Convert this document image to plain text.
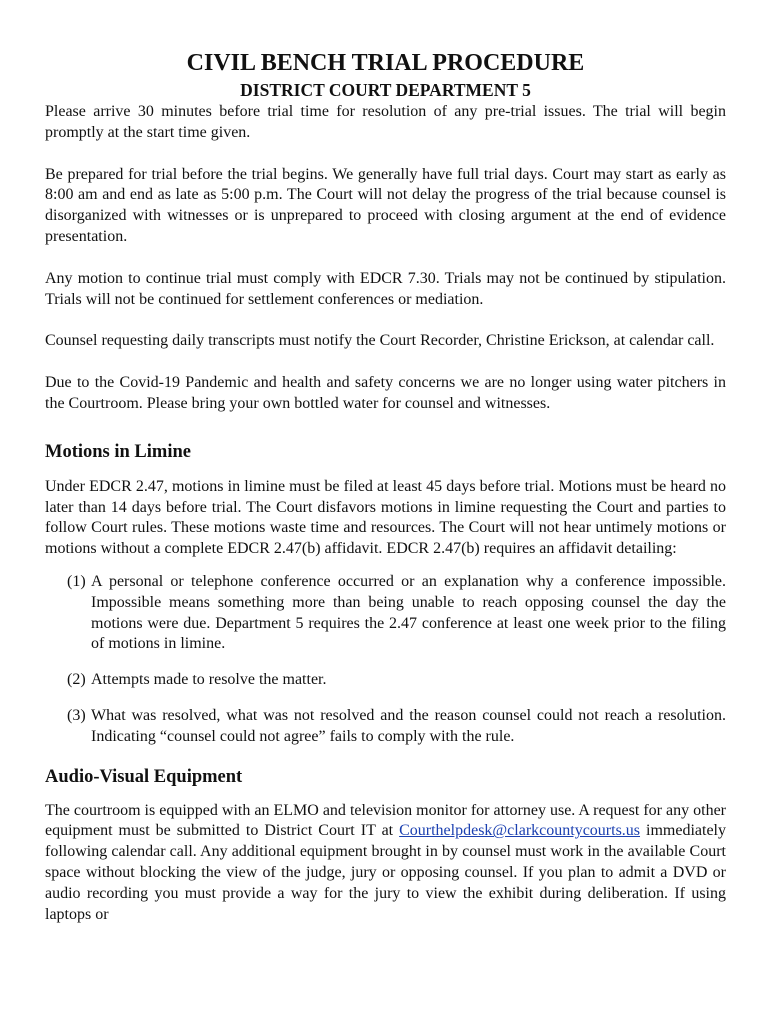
CIVIL BENCH TRIAL PROCEDURE
DISTRICT COURT DEPARTMENT 5

Please arrive 30 minutes before trial time for resolution of any pre-trial issues. The trial will begin promptly at the start time given.

Be prepared for trial before the trial begins. We generally have full trial days. Court may start as early as 8:00 am and end as late as 5:00 p.m. The Court will not delay the progress of the trial because counsel is disorganized with witnesses or is unprepared to proceed with closing argument at the end of evidence presentation.

Any motion to continue trial must comply with EDCR 7.30. Trials may not be continued by stipulation. Trials will not be continued for settlement conferences or mediation.

Counsel requesting daily transcripts must notify the Court Recorder, Christine Erickson, at calendar call.

Due to the Covid-19 Pandemic and health and safety concerns we are no longer using water pitchers in the Courtroom. Please bring your own bottled water for counsel and witnesses.

Motions in Limine

Under EDCR 2.47, motions in limine must be filed at least 45 days before trial. Motions must be heard no later than 14 days before trial. The Court disfavors motions in limine requesting the Court and parties to follow Court rules. These motions waste time and resources. The Court will not hear untimely motions or motions without a complete EDCR 2.47(b) affidavit. EDCR 2.47(b) requires an affidavit detailing:

(1) A personal or telephone conference occurred or an explanation why a conference impossible. Impossible means something more than being unable to reach opposing counsel the day the motions were due. Department 5 requires the 2.47 conference at least one week prior to the filing of motions in limine.
(2) Attempts made to resolve the matter.
(3) What was resolved, what was not resolved and the reason counsel could not reach a resolution. Indicating “counsel could not agree” fails to comply with the rule.
Audio-Visual Equipment

The courtroom is equipped with an ELMO and television monitor for attorney use. A request for any other equipment must be submitted to District Court IT at Courthelpdesk@clarkcountycourts.us immediately following calendar call. Any additional equipment brought in by counsel must work in the available Court space without blocking the view of the judge, jury or opposing counsel. If you plan to admit a DVD or audio recording you must provide a way for the jury to view the exhibit during deliberation. If using laptops or
